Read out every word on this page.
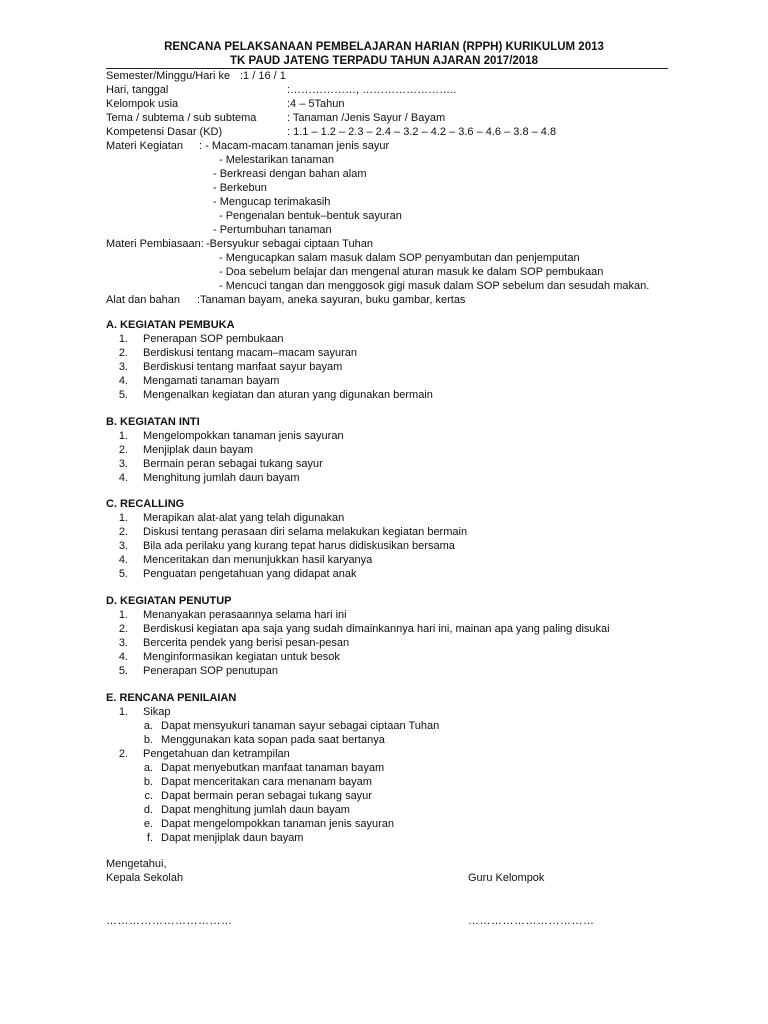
RENCANA PELAKSANAAN PEMBELAJARAN HARIAN (RPPH) KURIKULUM 2013
TK PAUD JATENG TERPADU TAHUN AJARAN 2017/2018
Semester/Minggu/Hari ke :1 / 16 / 1
Hari, tanggal	:………………, ……………………..
Kelompok usia	:4 – 5Tahun
Tema / subtema / sub subtema	: Tanaman /Jenis Sayur / Bayam
Kompetensi Dasar (KD)	: 1.1 – 1.2 – 2.3 – 2.4 – 3.2 – 4.2 – 3.6 – 4.6 – 3.8 – 4.8
Materi Kegiatan : - Macam-macam tanaman jenis sayur
- Melestarikan tanaman
- Berkreasi dengan bahan alam
- Berkebun
- Mengucap terimakasih
- Pengenalan bentuk–bentuk sayuran
- Pertumbuhan tanaman
Materi Pembiasaan: -Bersyukur sebagai ciptaan Tuhan
- Mengucapkan salam masuk dalam SOP penyambutan dan penjemputan
- Doa sebelum belajar dan mengenal aturan masuk ke dalam SOP pembukaan
- Mencuci tangan dan menggosok gigi masuk dalam SOP sebelum dan sesudah makan.
Alat dan bahan :Tanaman bayam, aneka sayuran, buku gambar, kertas
A. KEGIATAN PEMBUKA
1. Penerapan SOP pembukaan
2. Berdiskusi tentang macam–macam sayuran
3. Berdiskusi tentang manfaat sayur bayam
4. Mengamati tanaman bayam
5. Mengenalkan kegiatan dan aturan yang digunakan bermain
B. KEGIATAN INTI
1. Mengelompokkan tanaman jenis sayuran
2. Menjiplak daun bayam
3. Bermain peran sebagai tukang sayur
4. Menghitung jumlah daun bayam
C. RECALLING
1. Merapikan alat-alat yang telah digunakan
2. Diskusi tentang perasaan diri selama melakukan kegiatan bermain
3. Bila ada perilaku yang kurang tepat harus didiskusikan bersama
4. Menceritakan dan menunjukkan hasil karyanya
5. Penguatan pengetahuan yang didapat anak
D. KEGIATAN PENUTUP
1. Menanyakan perasaannya selama hari ini
2. Berdiskusi kegiatan apa saja yang sudah dimainkannya hari ini, mainan apa yang paling disukai
3. Bercerita pendek yang berisi pesan-pesan
4. Menginformasikan kegiatan untuk besok
5. Penerapan SOP penutupan
E. RENCANA PENILAIAN
1. Sikap
a. Dapat mensyukuri tanaman sayur sebagai ciptaan Tuhan
b. Menggunakan kata sopan pada saat bertanya
2. Pengetahuan dan ketrampilan
a. Dapat menyebutkan manfaat tanaman bayam
b. Dapat menceritakan cara menanam bayam
c. Dapat bermain peran sebagai tukang sayur
d. Dapat menghitung jumlah daun bayam
e. Dapat mengelompokkan tanaman jenis sayuran
f. Dapat menjiplak daun bayam
Mengetahui,
Kepala Sekolah	Guru Kelompok
……………………………	……………………………
